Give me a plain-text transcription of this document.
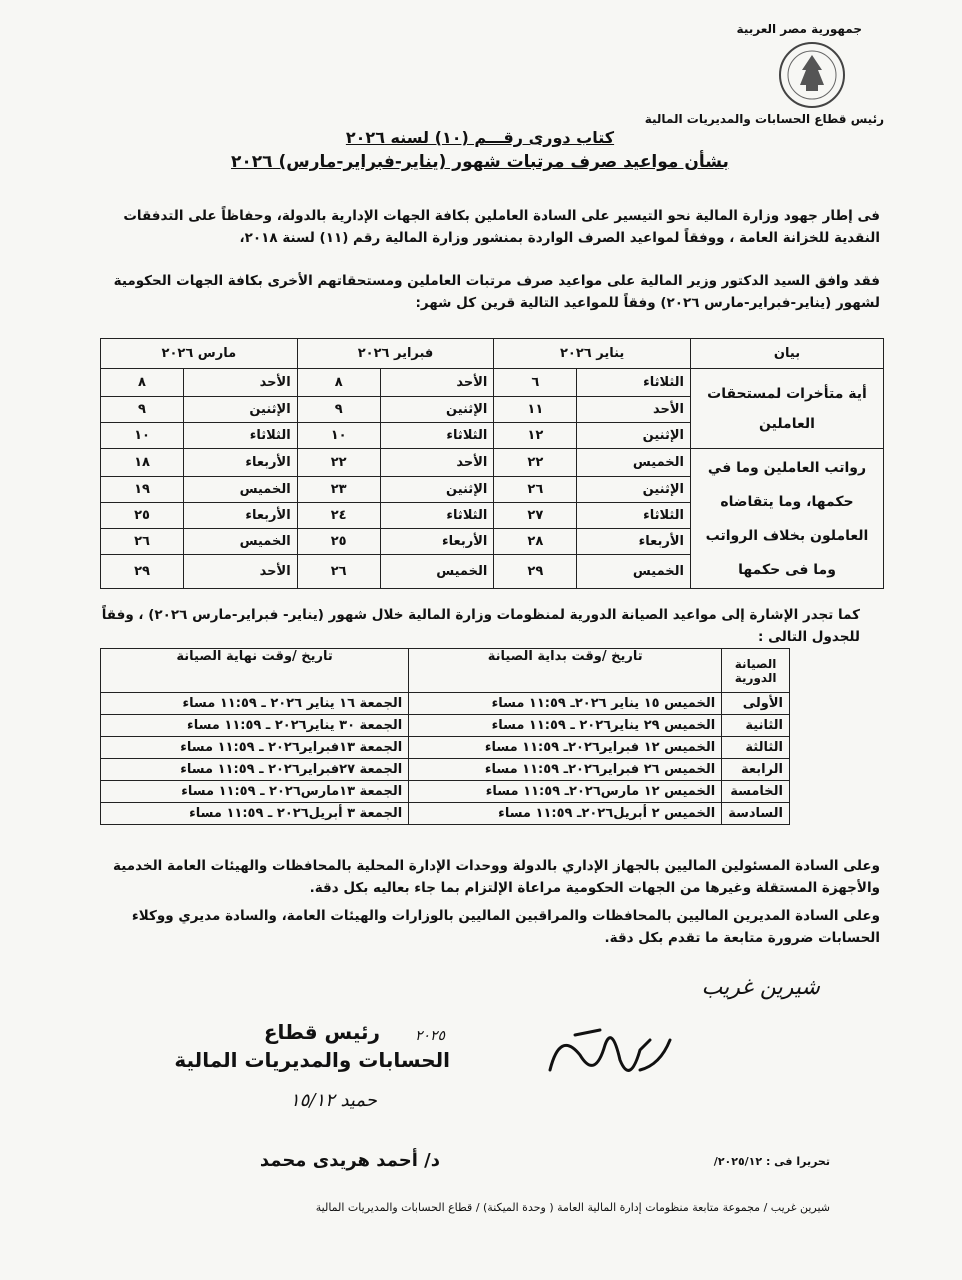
جمهورية مصر العربية
رئيس قطاع الحسابات والمديريات المالية
كتاب دورى رقـــم (١٠) لسنه ٢٠٢٦
بشأن مواعيد صرف مرتبات شهور (يناير-فبراير-مارس) ٢٠٢٦
فى إطار جهود وزارة المالية نحو التيسير على السادة العاملين بكافة الجهات الإدارية بالدولة، وحفاظاً على التدفقات النقدية للخزانة العامة ، ووفقاً لمواعيد الصرف الواردة بمنشور وزارة المالية رقم (١١) لسنة ٢٠١٨،
فقد وافق السيد الدكتور وزير المالية على مواعيد صرف مرتبات العاملين ومستحقاتهم الأخرى بكافة الجهات الحكومية لشهور (يناير-فبراير-مارس ٢٠٢٦) وفقاً للمواعيد التالية قرين كل شهر:
بيان	يناير ٢٠٢٦		فبراير ٢٠٢٦		مارس ٢٠٢٦	
أية متأخرات لمستحقات العاملين	الثلاثاء	٦	الأحد	٨	الأحد	٨
	الأحد	١١	الإثنين	٩	الإثنين	٩
	الإثنين	١٢	الثلاثاء	١٠	الثلاثاء	١٠
رواتب العاملين وما في حكمها، وما يتقاضاه العاملون بخلاف الرواتب وما فى حكمها	الخميس	٢٢	الأحد	٢٢	الأربعاء	١٨
	الإثنين	٢٦	الإثنين	٢٣	الخميس	١٩
	الثلاثاء	٢٧	الثلاثاء	٢٤	الأربعاء	٢٥
	الأربعاء	٢٨	الأربعاء	٢٥	الخميس	٢٦
	الخميس	٢٩	الخميس	٢٦	الأحد	٢٩
كما تجدر الإشارة إلى مواعيد الصيانة الدورية لمنظومات وزارة المالية خلال شهور (يناير- فبراير-مارس ٢٠٢٦) ، وفقاً للجدول التالى :
الصيانة الدورية	تاريخ /وقت بداية الصيانة	تاريخ /وقت نهاية الصيانة
الأولى	الخميس ١٥ يناير ٢٠٢٦ـ ١١:٥٩ مساء	الجمعة ١٦ يناير ٢٠٢٦ ـ ١١:٥٩ مساء
الثانية	الخميس ٢٩ يناير٢٠٢٦ ـ ١١:٥٩ مساء	الجمعة ٣٠ يناير٢٠٢٦ ـ ١١:٥٩ مساء
الثالثة	الخميس ١٢ فبراير٢٠٢٦ـ ١١:٥٩ مساء	الجمعة ١٣فبراير٢٠٢٦ ـ ١١:٥٩ مساء
الرابعة	الخميس ٢٦ فبراير٢٠٢٦ـ ١١:٥٩ مساء	الجمعة ٢٧فبراير٢٠٢٦ ـ ١١:٥٩ مساء
الخامسة	الخميس ١٢ مارس٢٠٢٦ـ ١١:٥٩ مساء	الجمعة ١٣مارس٢٠٢٦ ـ ١١:٥٩ مساء
السادسة	الخميس ٢ أبريل٢٠٢٦ـ ١١:٥٩ مساء	الجمعة ٣ أبريل٢٠٢٦ ـ ١١:٥٩ مساء
وعلى السادة المسئولين الماليين بالجهاز الإداري بالدولة ووحدات الإدارة المحلية بالمحافظات والهيئات العامة الخدمية والأجهزة المستقلة وغيرها من الجهات الحكومية مراعاة الإلتزام بما جاء بعاليه بكل دقة.
وعلى السادة المديرين الماليين بالمحافظات والمراقبين الماليين بالوزارات والهيئات العامة، والسادة مديري ووكلاء الحسابات ضرورة متابعة ما تقدم بكل دقة.
شيرين غريب
رئيس قطاع	٢٠٢٥
الحسابات والمديريات المالية
حميد ١٥/١٢
د/ أحمد هريدى محمد	تحريرا فى : ٢٠٢٥/١٢/
شيرين غريب / مجموعة متابعة منظومات إدارة المالية العامة ( وحدة الميكنة) / قطاع الحسابات والمديريات المالية
